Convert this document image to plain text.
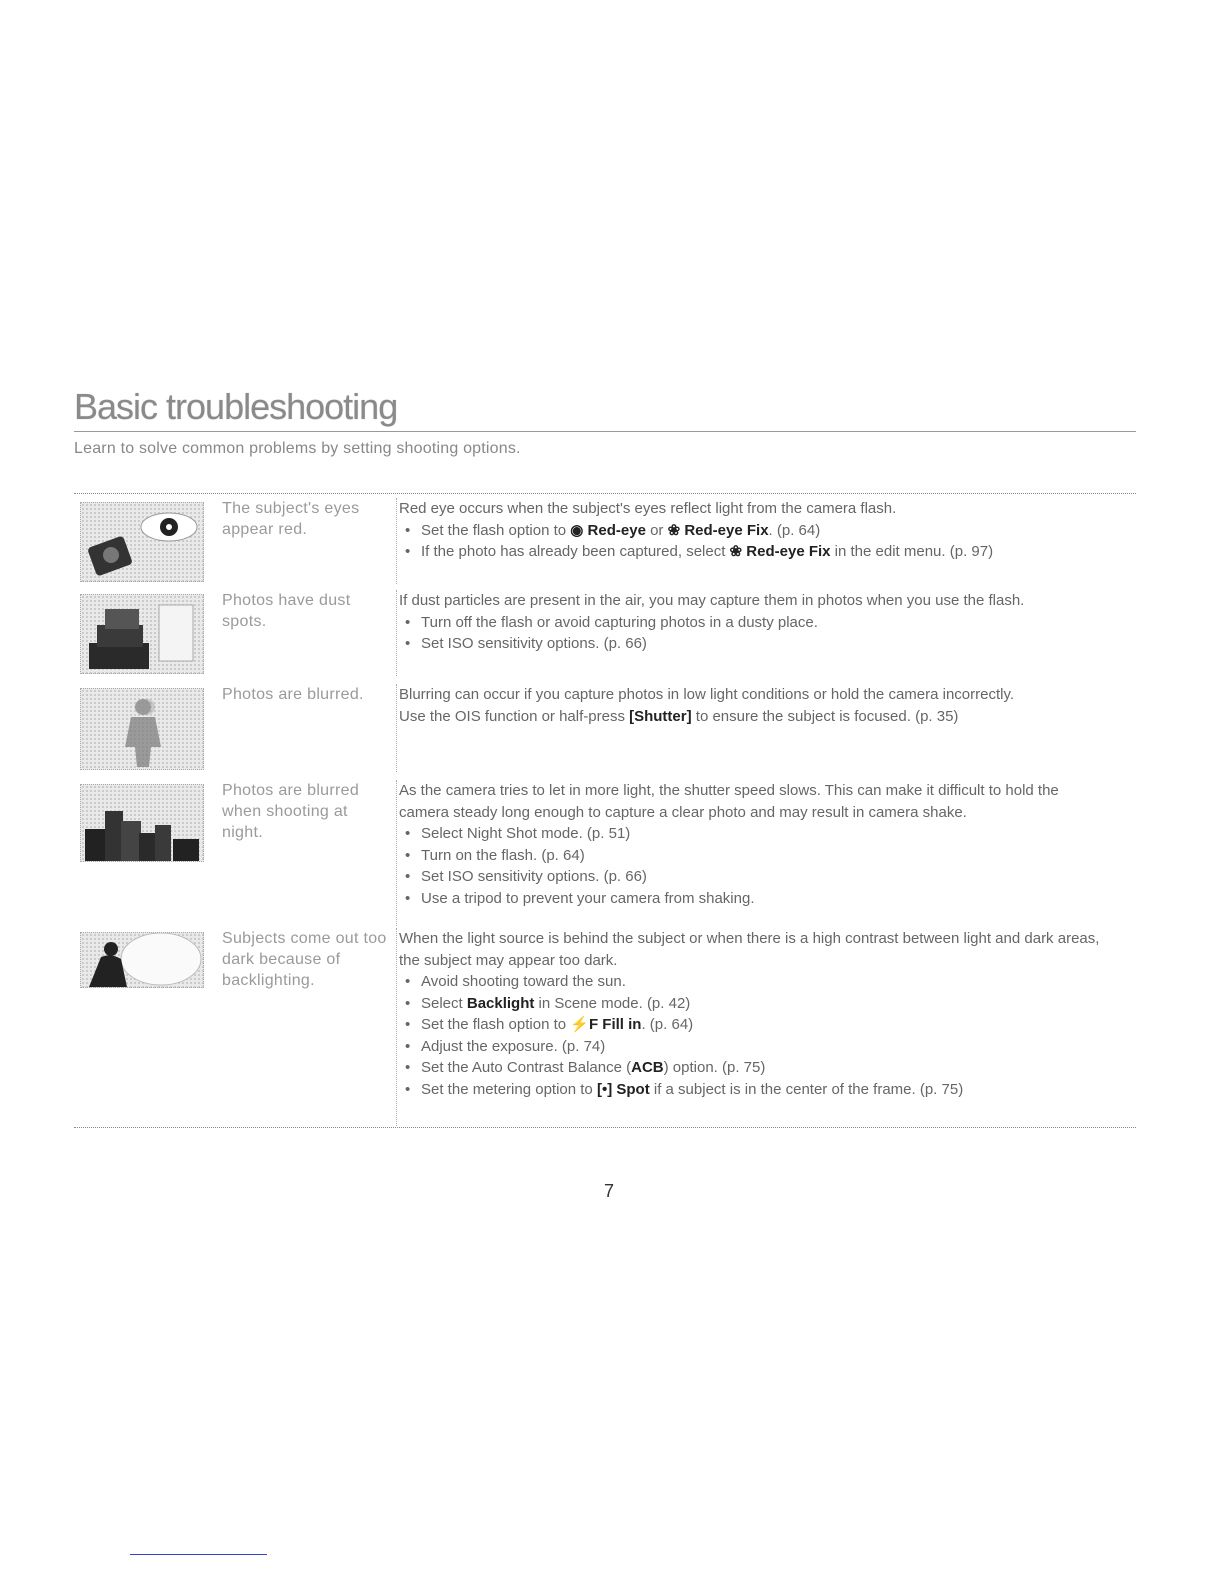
Basic troubleshooting
Learn to solve common problems by setting shooting options.
The subject's eyes appear red.

Red eye occurs when the subject's eyes reflect light from the camera flash.

• Set the flash option to ◉ Red-eye or ❀ Red-eye Fix. (p. 64)

• If the photo has already been captured, select ❀ Red-eye Fix in the edit menu. (p. 97)

Photos have dust spots.

If dust particles are present in the air, you may capture them in photos when you use the flash.

• Turn off the flash or avoid capturing photos in a dusty place.

• Set ISO sensitivity options. (p. 66)

Photos are blurred.	Blurring can occur if you capture photos in low light conditions or hold the camera incorrectly.

Use the OIS function or half-press [Shutter] to ensure the subject is focused. (p. 35)

Photos are blurred when shooting at night.

As the camera tries to let in more light, the shutter speed slows. This can make it difficult to hold the camera steady long enough to capture a clear photo and may result in camera shake.

• Select Night Shot mode. (p. 51)

• Turn on the flash. (p. 64)

• Set ISO sensitivity options. (p. 66)

• Use a tripod to prevent your camera from shaking.

Subjects come out too dark because of backlighting.

When the light source is behind the subject or when there is a high contrast between light and dark areas, the subject may appear too dark.

• Avoid shooting toward the sun.

• Select Backlight in Scene mode. (p. 42)

• Set the flash option to ⚡F Fill in. (p. 64)

• Adjust the exposure. (p. 74)

• Set the Auto Contrast Balance (ACB) option. (p. 75)

• Set the metering option to [•] Spot if a subject is in the center of the frame. (p. 75)

7
